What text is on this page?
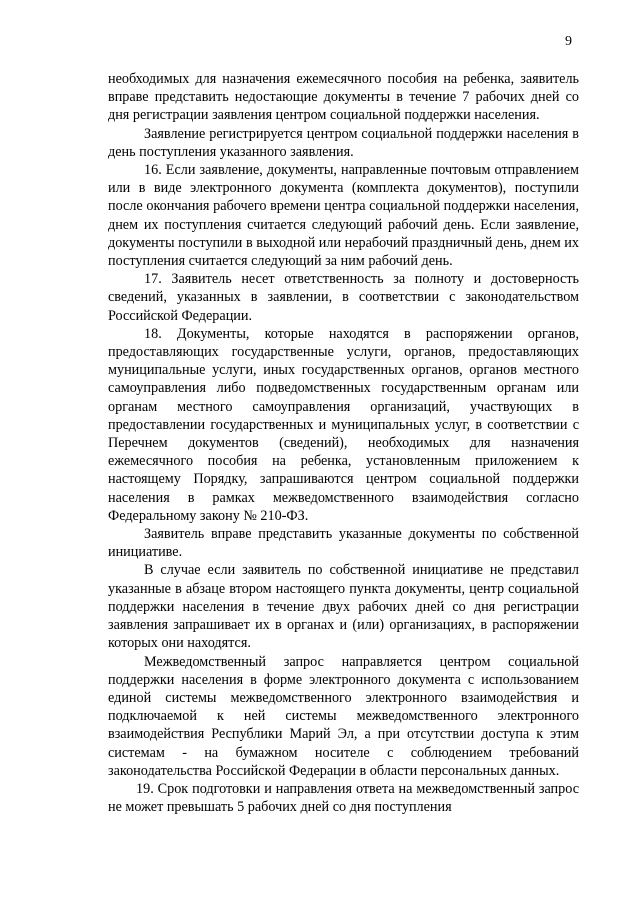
9

необходимых для назначения ежемесячного пособия на ребенка, заявитель вправе представить недостающие документы в течение 7 рабочих дней со дня регистрации заявления центром социальной поддержки населения.

Заявление регистрируется центром социальной поддержки населения в день поступления указанного заявления.

16. Если заявление, документы, направленные почтовым отправлением или в виде электронного документа (комплекта документов), поступили после окончания рабочего времени центра социальной поддержки населения, днем их поступления считается следующий рабочий день. Если заявление, документы поступили в выходной или нерабочий праздничный день, днем их поступления считается следующий за ним рабочий день.

17. Заявитель несет ответственность за полноту и достоверность сведений, указанных в заявлении, в соответствии с законодательством Российской Федерации.

18. Документы, которые находятся в распоряжении органов, предоставляющих государственные услуги, органов, предоставляющих муниципальные услуги, иных государственных органов, органов местного самоуправления либо подведомственных государственным органам или органам местного самоуправления организаций, участвующих в предоставлении государственных и муниципальных услуг, в соответствии с Перечнем документов (сведений), необходимых для назначения ежемесячного пособия на ребенка, установленным приложением к настоящему Порядку, запрашиваются центром социальной поддержки населения в рамках межведомственного взаимодействия согласно Федеральному закону № 210-ФЗ.

Заявитель вправе представить указанные документы по собственной инициативе.

В случае если заявитель по собственной инициативе не представил указанные в абзаце втором настоящего пункта документы, центр социальной поддержки населения в течение двух рабочих дней со дня регистрации заявления запрашивает их в органах и (или) организациях, в распоряжении которых они находятся.

Межведомственный запрос направляется центром социальной поддержки населения в форме электронного документа с использованием единой системы межведомственного электронного взаимодействия и подключаемой к ней системы межведомственного электронного взаимодействия Республики Марий Эл, а при отсутствии доступа к этим системам - на бумажном носителе с соблюдением требований законодательства Российской Федерации в области персональных данных.

19. Срок подготовки и направления ответа на межведомственный запрос не может превышать 5 рабочих дней со дня поступления
